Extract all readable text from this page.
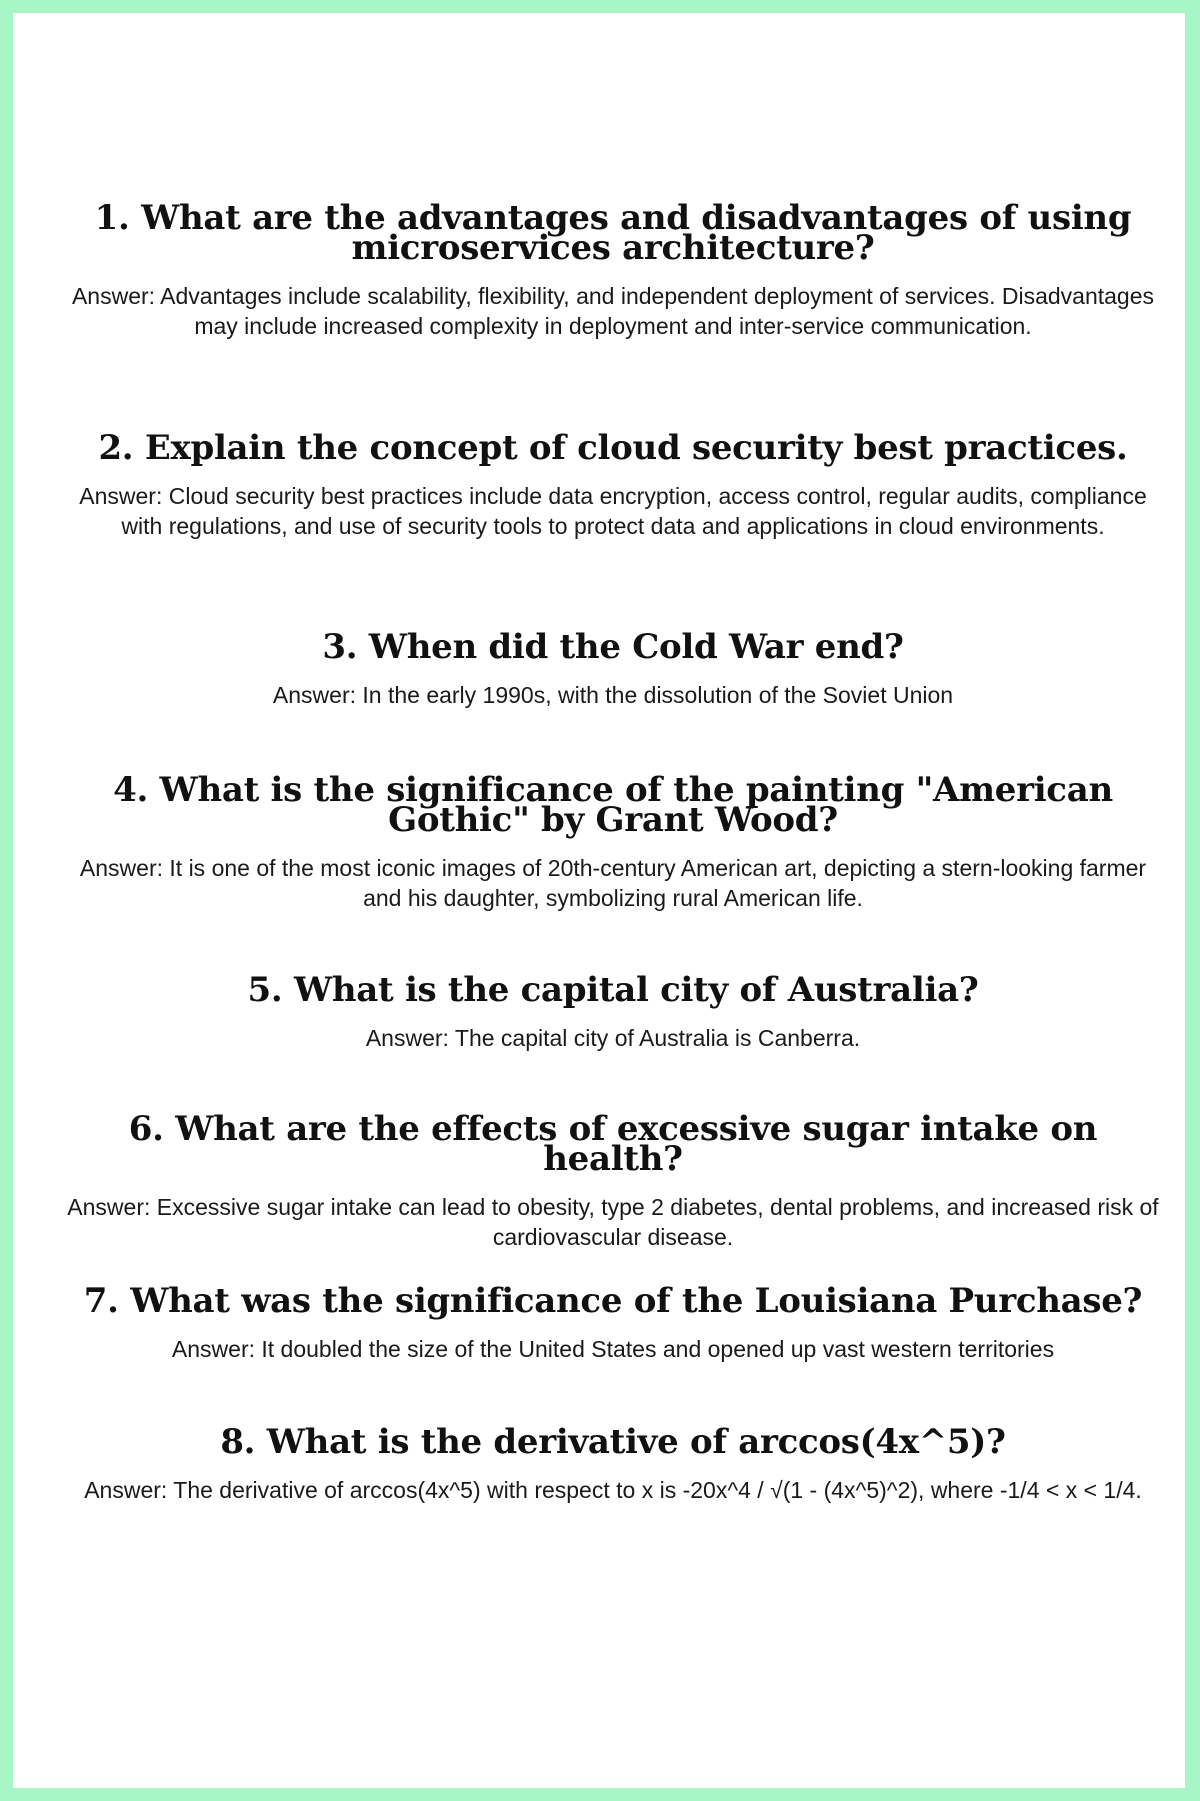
1. What are the advantages and disadvantages of using microservices architecture?

Answer: Advantages include scalability, flexibility, and independent deployment of services. Disadvantages may include increased complexity in deployment and inter-service communication.

2. Explain the concept of cloud security best practices.

Answer: Cloud security best practices include data encryption, access control, regular audits, compliance with regulations, and use of security tools to protect data and applications in cloud environments.

3. When did the Cold War end?

Answer: In the early 1990s, with the dissolution of the Soviet Union

4. What is the significance of the painting "American Gothic" by Grant Wood?

Answer: It is one of the most iconic images of 20th-century American art, depicting a stern-looking farmer and his daughter, symbolizing rural American life.

5. What is the capital city of Australia?

Answer: The capital city of Australia is Canberra.

6. What are the effects of excessive sugar intake on health?

Answer: Excessive sugar intake can lead to obesity, type 2 diabetes, dental problems, and increased risk of cardiovascular disease.

7. What was the significance of the Louisiana Purchase?

Answer: It doubled the size of the United States and opened up vast western territories

8. What is the derivative of arccos(4x^5)?

Answer: The derivative of arccos(4x^5) with respect to x is -20x^4 / √(1 - (4x^5)^2), where -1/4 < x < 1/4.
